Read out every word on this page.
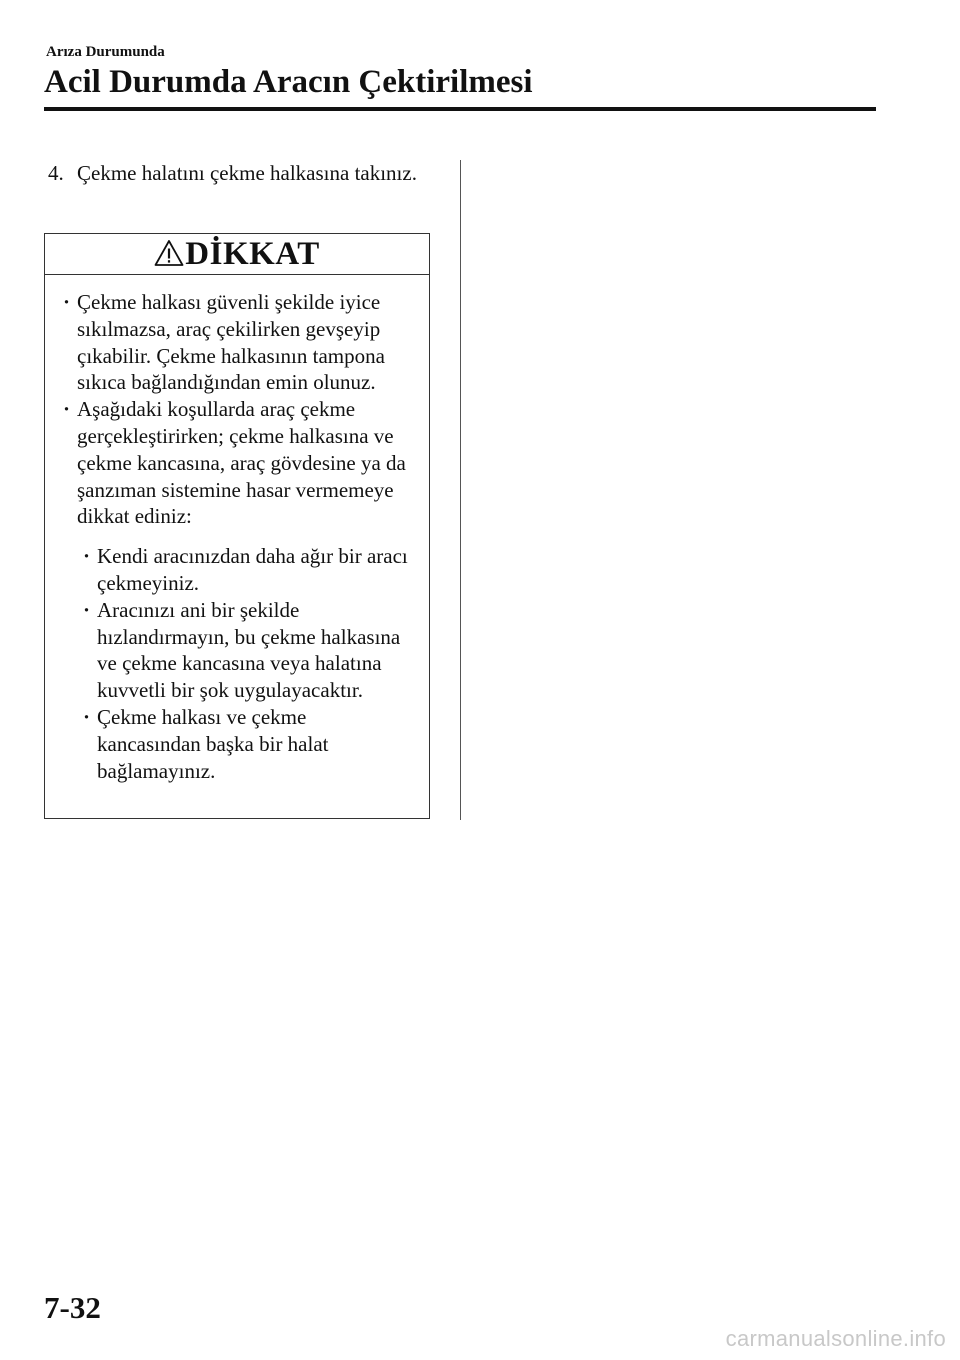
Arıza Durumunda
Acil Durumda Aracın Çektirilmesi
4. Çekme halatını çekme halkasına takınız.
DİKKAT
· Çekme halkası güvenli şekilde iyice sıkılmazsa, araç çekilirken gevşeyip çıkabilir. Çekme halkasının tampona sıkıca bağlandığından emin olunuz.
· Aşağıdaki koşullarda araç çekme gerçekleştirirken; çekme halkasına ve çekme kancasına, araç gövdesine ya da şanzıman sistemine hasar vermemeye dikkat ediniz:
· Kendi aracınızdan daha ağır bir aracı çekmeyiniz.
· Aracınızı ani bir şekilde hızlandırmayın, bu çekme halkasına ve çekme kancasına veya halatına kuvvetli bir şok uygulayacaktır.
· Çekme halkası ve çekme kancasından başka bir halat bağlamayınız.
7-32
carmanualsonline.info
